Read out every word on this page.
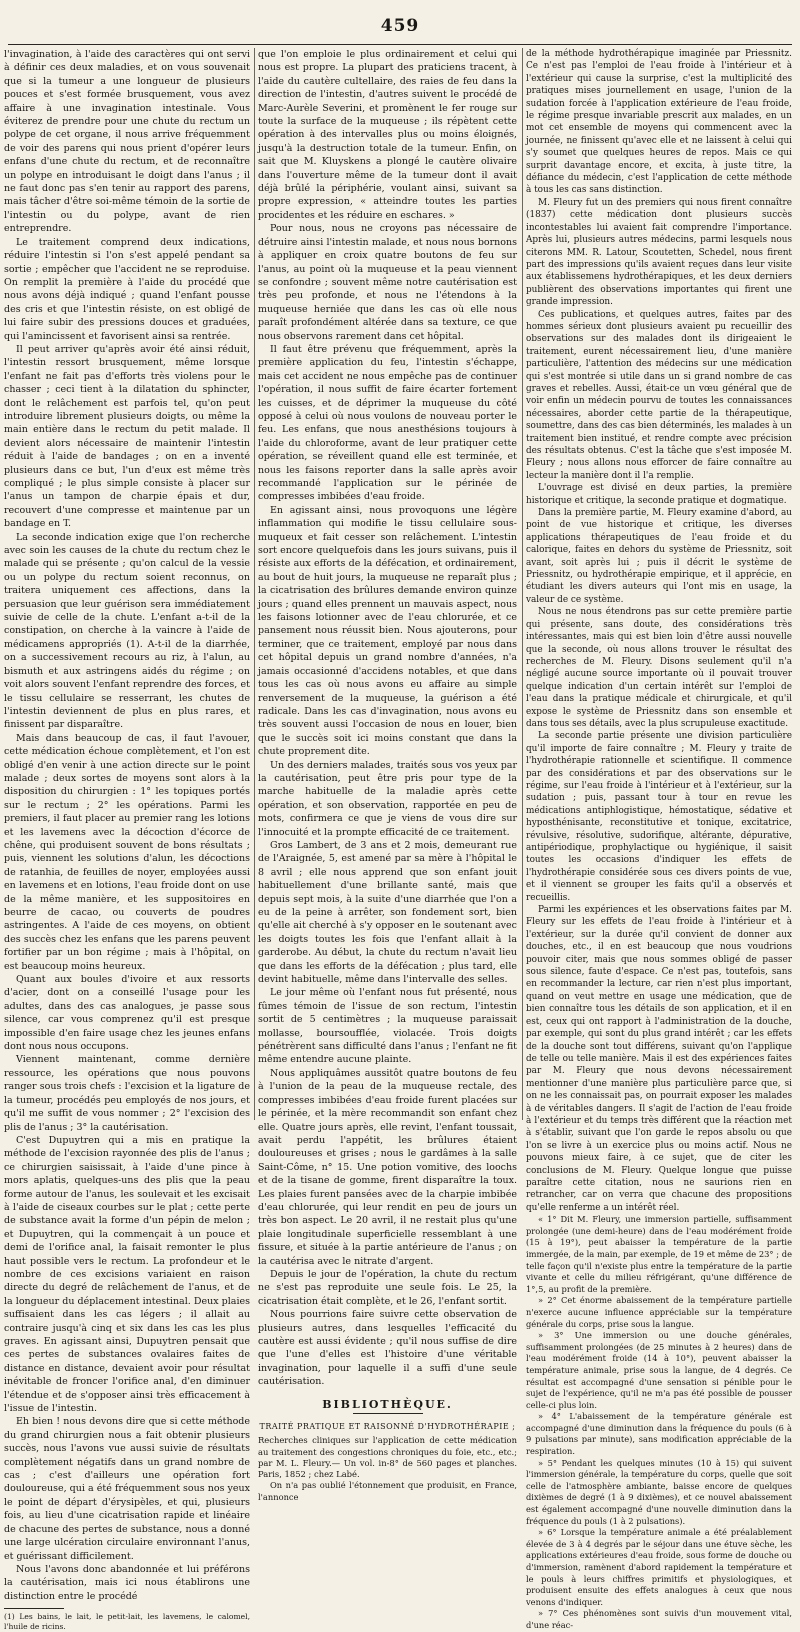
459

l'invagination, à l'aide des caractères qui ont servi à définir ces deux maladies, et on vous souvenait que si la tumeur a une longueur de plusieurs pouces et s'est formée brusquement, vous avez affaire à une invagination intestinale. Vous éviterez de prendre pour une chute du rectum un polype de cet organe, il nous arrive fréquemment de voir des parens qui nous prient d'opérer leurs enfans d'une chute du rectum, et de reconnaître un polype en introduisant le doigt dans l'anus ; il ne faut donc pas s'en tenir au rapport des parens, mais tâcher d'être soi-même témoin de la sortie de l'intestin ou du polype, avant de rien entreprendre.

Le traitement comprend deux indications, réduire l'intestin si l'on s'est appelé pendant sa sortie ; empêcher que l'accident ne se reproduise. On remplit la première à l'aide du procédé que nous avons déjà indiqué ; quand l'enfant pousse des cris et que l'intestin résiste, on est obligé de lui faire subir des pressions douces et graduées, qui l'amincissent et favorisent ainsi sa rentrée.

Il peut arriver qu'après avoir été ainsi réduit, l'intestin ressort brusquement, même lorsque l'enfant ne fait pas d'efforts très violens pour le chasser ; ceci tient à la dilatation du sphincter, dont le relâchement est parfois tel, qu'on peut introduire librement plusieurs doigts, ou même la main entière dans le rectum du petit malade. Il devient alors nécessaire de maintenir l'intestin réduit à l'aide de bandages ; on en a inventé plusieurs dans ce but, l'un d'eux est même très compliqué ; le plus simple consiste à placer sur l'anus un tampon de charpie épais et dur, recouvert d'une compresse et maintenue par un bandage en T.

La seconde indication exige que l'on recherche avec soin les causes de la chute du rectum chez le malade qui se présente ; qu'on calcul de la vessie ou un polype du rectum soient reconnus, on traitera uniquement ces affections, dans la persuasion que leur guérison sera immédiatement suivie de celle de la chute. L'enfant a-t-il de la constipation, on cherche à la vaincre à l'aide de médicamens appropriés (1). A-t-il de la diarrhée, on a successivement recours au riz, à l'alun, au bismuth et aux astringens aidés du régime ; on voit alors souvent l'enfant reprendre des forces, et le tissu cellulaire se resserrant, les chutes de l'intestin deviennent de plus en plus rares, et finissent par disparaître.

Mais dans beaucoup de cas, il faut l'avouer, cette médication échoue complètement, et l'on est obligé d'en venir à une action directe sur le point malade ; deux sortes de moyens sont alors à la disposition du chirurgien : 1° les topiques portés sur le rectum ; 2° les opérations. Parmi les premiers, il faut placer au premier rang les lotions et les lavemens avec la décoction d'écorce de chêne, qui produisent souvent de bons résultats ; puis, viennent les solutions d'alun, les décoctions de ratanhia, de feuilles de noyer, employées aussi en lavemens et en lotions, l'eau froide dont on use de la même manière, et les suppositoires en beurre de cacao, ou couverts de poudres astringentes. A l'aide de ces moyens, on obtient des succès chez les enfans que les parens peuvent fortifier par un bon régime ; mais à l'hôpital, on est beaucoup moins heureux.

Quant aux boules d'ivoire et aux ressorts d'acier, dont on a conseillé l'usage pour les adultes, dans des cas analogues, je passe sous silence, car vous comprenez qu'il est presque impossible d'en faire usage chez les jeunes enfans dont nous nous occupons.

Viennent maintenant, comme dernière ressource, les opérations que nous pouvons ranger sous trois chefs : l'excision et la ligature de la tumeur, procédés peu employés de nos jours, et qu'il me suffit de vous nommer ; 2° l'excision des plis de l'anus ; 3° la cautérisation.

C'est Dupuytren qui a mis en pratique la méthode de l'excision rayonnée des plis de l'anus ; ce chirurgien saisissait, à l'aide d'une pince à mors aplatis, quelques-uns des plis que la peau forme autour de l'anus, les soulevait et les excisait à l'aide de ciseaux courbes sur le plat ; cette perte de substance avait la forme d'un pépin de melon ; et Dupuytren, qui la commençait à un pouce et demi de l'orifice anal, la faisait remonter le plus haut possible vers le rectum. La profondeur et le nombre de ces excisions variaient en raison directe du degré de relâchement de l'anus, et de la longueur du déplacement intestinal. Deux plaies suffisaient dans les cas légers ; il allait au contraire jusqu'à cinq et six dans les cas les plus graves. En agissant ainsi, Dupuytren pensait que ces pertes de substances ovalaires faites de distance en distance, devaient avoir pour résultat inévitable de froncer l'orifice anal, d'en diminuer l'étendue et de s'opposer ainsi très efficacement à l'issue de l'intestin.

Eh bien ! nous devons dire que si cette méthode du grand chirurgien nous a fait obtenir plusieurs succès, nous l'avons vue aussi suivie de résultats complètement négatifs dans un grand nombre de cas ; c'est d'ailleurs une opération fort douloureuse, qui a été fréquemment sous nos yeux le point de départ d'érysipèles, et qui, plusieurs fois, au lieu d'une cicatrisation rapide et linéaire de chacune des pertes de substance, nous a donné une large ulcération circulaire environnant l'anus, et guérissant difficilement.

Nous l'avons donc abandonnée et lui préférons la cautérisation, mais ici nous établirons une distinction entre le procédé

(1) Les bains, le lait, le petit-lait, les lavemens, le calomel, l'huile de ricins.

que l'on emploie le plus ordinairement et celui qui nous est propre. La plupart des praticiens tracent, à l'aide du cautère cultellaire, des raies de feu dans la direction de l'intestin, d'autres suivent le procédé de Marc-Aurèle Severini, et promènent le fer rouge sur toute la surface de la muqueuse ; ils répètent cette opération à des intervalles plus ou moins éloignés, jusqu'à la destruction totale de la tumeur. Enfin, on sait que M. Kluyskens a plongé le cautère olivaire dans l'ouverture même de la tumeur dont il avait déjà brûlé la périphérie, voulant ainsi, suivant sa propre expression, « atteindre toutes les parties procidentes et les réduire en eschares. »

Pour nous, nous ne croyons pas nécessaire de détruire ainsi l'intestin malade, et nous nous bornons à appliquer en croix quatre boutons de feu sur l'anus, au point où la muqueuse et la peau viennent se confondre ; souvent même notre cautérisation est très peu profonde, et nous ne l'étendons à la muqueuse herniée que dans les cas où elle nous paraît profondément altérée dans sa texture, ce que nous observons rarement dans cet hôpital.

Il faut être prévenu que fréquemment, après la première application du feu, l'intestin s'échappe, mais cet accident ne nous empêche pas de continuer l'opération, il nous suffit de faire écarter fortement les cuisses, et de déprimer la muqueuse du côté opposé à celui où nous voulons de nouveau porter le feu. Les enfans, que nous anesthésions toujours à l'aide du chloroforme, avant de leur pratiquer cette opération, se réveillent quand elle est terminée, et nous les faisons reporter dans la salle après avoir recommandé l'application sur le périnée de compresses imbibées d'eau froide.

En agissant ainsi, nous provoquons une légère inflammation qui modifie le tissu cellulaire sous-muqueux et fait cesser son relâchement. L'intestin sort encore quelquefois dans les jours suivans, puis il résiste aux efforts de la défécation, et ordinairement, au bout de huit jours, la muqueuse ne reparaît plus ; la cicatrisation des brûlures demande environ quinze jours ; quand elles prennent un mauvais aspect, nous les faisons lotionner avec de l'eau chlorurée, et ce pansement nous réussit bien. Nous ajouterons, pour terminer, que ce traitement, employé par nous dans cet hôpital depuis un grand nombre d'années, n'a jamais occasionné d'accidens notables, et que dans tous les cas où nous avons eu affaire au simple renversement de la muqueuse, la guérison a été radicale. Dans les cas d'invagination, nous avons eu très souvent aussi l'occasion de nous en louer, bien que le succès soit ici moins constant que dans la chute proprement dite.

Un des derniers malades, traités sous vos yeux par la cautérisation, peut être pris pour type de la marche habituelle de la maladie après cette opération, et son observation, rapportée en peu de mots, confirmera ce que je viens de vous dire sur l'innocuité et la prompte efficacité de ce traitement.

Gros Lambert, de 3 ans et 2 mois, demeurant rue de l'Araignée, 5, est amené par sa mère à l'hôpital le 8 avril ; elle nous apprend que son enfant jouit habituellement d'une brillante santé, mais que depuis sept mois, à la suite d'une diarrhée que l'on a eu de la peine à arrêter, son fondement sort, bien qu'elle ait cherché à s'y opposer en le soutenant avec les doigts toutes les fois que l'enfant allait à la garderobe. Au début, la chute du rectum n'avait lieu que dans les efforts de la défécation ; plus tard, elle devint habituelle, même dans l'intervalle des selles.

Le jour même où l'enfant nous fut présenté, nous fûmes témoin de l'issue de son rectum, l'intestin sortit de 5 centimètres ; la muqueuse paraissait mollasse, boursoufflée, violacée. Trois doigts pénétrèrent sans difficulté dans l'anus ; l'enfant ne fit même entendre aucune plainte.

Nous appliquâmes aussitôt quatre boutons de feu à l'union de la peau de la muqueuse rectale, des compresses imbibées d'eau froide furent placées sur le périnée, et la mère recommandit son enfant chez elle. Quatre jours après, elle revint, l'enfant toussait, avait perdu l'appétit, les brûlures étaient douloureuses et grises ; nous le gardâmes à la salle Saint-Côme, n° 15. Une potion vomitive, des loochs et de la tisane de gomme, firent disparaître la toux. Les plaies furent pansées avec de la charpie imbibée d'eau chlorurée, qui leur rendit en peu de jours un très bon aspect. Le 20 avril, il ne restait plus qu'une plaie longitudinale superficielle ressemblant à une fissure, et située à la partie antérieure de l'anus ; on la cautérisa avec le nitrate d'argent.

Depuis le jour de l'opération, la chute du rectum ne s'est pas reproduite une seule fois. Le 25, la cicatrisation était complète, et le 26, l'enfant sortit.

Nous pourrions faire suivre cette observation de plusieurs autres, dans lesquelles l'efficacité du cautère est aussi évidente ; qu'il nous suffise de dire que l'une d'elles est l'histoire d'une véritable invagination, pour laquelle il a suffi d'une seule cautérisation.

BIBLIOTHÈQUE.
TRAITÉ PRATIQUE ET RAISONNÉ D'HYDROTHÉRAPIE ;

Recherches cliniques sur l'application de cette médication au traitement des congestions chroniques du foie, etc., etc.; par M. L. Fleury.— Un vol. in-8° de 560 pages et planches. Paris, 1852 ; chez Labé.

On n'a pas oublié l'étonnement que produisit, en France, l'annonce

de la méthode hydrothérapique imaginée par Priessnitz. Ce n'est pas l'emploi de l'eau froide à l'intérieur et à l'extérieur qui cause la surprise, c'est la multiplicité des pratiques mises journellement en usage, l'union de la sudation forcée à l'application extérieure de l'eau froide, le régime presque invariable prescrit aux malades, en un mot cet ensemble de moyens qui commencent avec la journée, ne finissent qu'avec elle et ne laissent à celui qui s'y soumet que quelques heures de repos. Mais ce qui surprit davantage encore, et excita, à juste titre, la défiance du médecin, c'est l'application de cette méthode à tous les cas sans distinction.

M. Fleury fut un des premiers qui nous firent connaître (1837) cette médication dont plusieurs succès incontestables lui avaient fait comprendre l'importance. Après lui, plusieurs autres médecins, parmi lesquels nous citerons MM. R. Latour, Scoutetten, Schedel, nous firent part des impressions qu'ils avaient reçues dans leur visite aux établissemens hydrothérapiques, et les deux derniers publièrent des observations importantes qui firent une grande impression.

Ces publications, et quelques autres, faites par des hommes sérieux dont plusieurs avaient pu recueillir des observations sur des malades dont ils dirigeaient le traitement, eurent nécessairement lieu, d'une manière particulière, l'attention des médecins sur une médication qui s'est montrée si utile dans un si grand nombre de cas graves et rebelles. Aussi, était-ce un vœu général que de voir enfin un médecin pourvu de toutes les connaissances nécessaires, aborder cette partie de la thérapeutique, soumettre, dans des cas bien déterminés, les malades à un traitement bien institué, et rendre compte avec précision des résultats obtenus. C'est la tâche que s'est imposée M. Fleury ; nous allons nous efforcer de faire connaître au lecteur la manière dont il l'a remplie.

L'ouvrage est divisé en deux parties, la première historique et critique, la seconde pratique et dogmatique.

Dans la première partie, M. Fleury examine d'abord, au point de vue historique et critique, les diverses applications thérapeutiques de l'eau froide et du calorique, faites en dehors du système de Priessnitz, soit avant, soit après lui ; puis il décrit le système de Priessnitz, ou hydrothérapie empirique, et il apprécie, en étudiant les divers auteurs qui l'ont mis en usage, la valeur de ce système.

Nous ne nous étendrons pas sur cette première partie qui présente, sans doute, des considérations très intéressantes, mais qui est bien loin d'être aussi nouvelle que la seconde, où nous allons trouver le résultat des recherches de M. Fleury. Disons seulement qu'il n'a négligé aucune source importante où il pouvait trouver quelque indication d'un certain intérêt sur l'emploi de l'eau dans la pratique médicale et chirurgicale, et qu'il expose le système de Priessnitz dans son ensemble et dans tous ses détails, avec la plus scrupuleuse exactitude.

La seconde partie présente une division particulière qu'il importe de faire connaître ; M. Fleury y traite de l'hydrothérapie rationnelle et scientifique. Il commence par des considérations et par des observations sur le régime, sur l'eau froide à l'intérieur et à l'extérieur, sur la sudation ; puis, passant tour à tour en revue les médications antiphlogistique, hémostatique, sédative et hyposthénisante, reconstitutive et tonique, excitatrice, révulsive, résolutive, sudorifique, altérante, dépurative, antipériodique, prophylactique ou hygiénique, il saisit toutes les occasions d'indiquer les effets de l'hydrothérapie considérée sous ces divers points de vue, et il viennent se grouper les faits qu'il a observés et recueillis.

Parmi les expériences et les observations faites par M. Fleury sur les effets de l'eau froide à l'intérieur et à l'extérieur, sur la durée qu'il convient de donner aux douches, etc., il en est beaucoup que nous voudrions pouvoir citer, mais que nous sommes obligé de passer sous silence, faute d'espace. Ce n'est pas, toutefois, sans en recommander la lecture, car rien n'est plus important, quand on veut mettre en usage une médication, que de bien connaître tous les détails de son application, et il en est, ceux qui ont rapport à l'administration de la douche, par exemple, qui sont du plus grand intérêt ; car les effets de la douche sont tout différens, suivant qu'on l'applique de telle ou telle manière. Mais il est des expériences faites par M. Fleury que nous devons nécessairement mentionner d'une manière plus particulière parce que, si on ne les connaissait pas, on pourrait exposer les malades à de véritables dangers. Il s'agit de l'action de l'eau froide à l'extérieur et du temps très différent que la réaction met à s'établir, suivant que l'on garde le repos absolu ou que l'on se livre à un exercice plus ou moins actif. Nous ne pouvons mieux faire, à ce sujet, que de citer les conclusions de M. Fleury. Quelque longue que puisse paraître cette citation, nous ne saurions rien en retrancher, car on verra que chacune des propositions qu'elle renferme a un intérêt réel.

« 1° Dit M. Fleury, une immersion partielle, suffisamment prolongée (une demi-heure) dans de l'eau modérément froide (15 à 19°), peut abaisser la température de la partie immergée, de la main, par exemple, de 19 et même de 23° ; de telle façon qu'il n'existe plus entre la température de la partie vivante et celle du milieu réfrigérant, qu'une différence de 1°,5, au profit de la première.

» 2° Cet énorme abaissement de la température partielle n'exerce aucune influence appréciable sur la température générale du corps, prise sous la langue.

» 3° Une immersion ou une douche générales, suffisamment prolongées (de 25 minutes à 2 heures) dans de l'eau modérément froide (14 à 10°), peuvent abaisser la température animale, prise sous la langue, de 4 degrés. Ce résultat est accompagné d'une sensation si pénible pour le sujet de l'expérience, qu'il ne m'a pas été possible de pousser celle-ci plus loin.

» 4° L'abaissement de la température générale est accompagné d'une diminution dans la fréquence du pouls (6 à 9 pulsations par minute), sans modification appréciable de la respiration.

» 5° Pendant les quelques minutes (10 à 15) qui suivent l'immersion générale, la température du corps, quelle que soit celle de l'atmosphère ambiante, baisse encore de quelques dixièmes de degré (1 à 9 dixièmes), et ce nouvel abaissement est également accompagné d'une nouvelle diminution dans la fréquence du pouls (1 à 2 pulsations).

» 6° Lorsque la température animale a été préalablement élevée de 3 à 4 degrés par le séjour dans une étuve sèche, les applications extérieures d'eau froide, sous forme de douche ou d'immersion, ramènent d'abord rapidement la température et le pouls à leurs chiffres primitifs et physiologiques, et produisent ensuite des effets analogues à ceux que nous venons d'indiquer.

» 7° Ces phénomènes sont suivis d'un mouvement vital, d'une réac-
